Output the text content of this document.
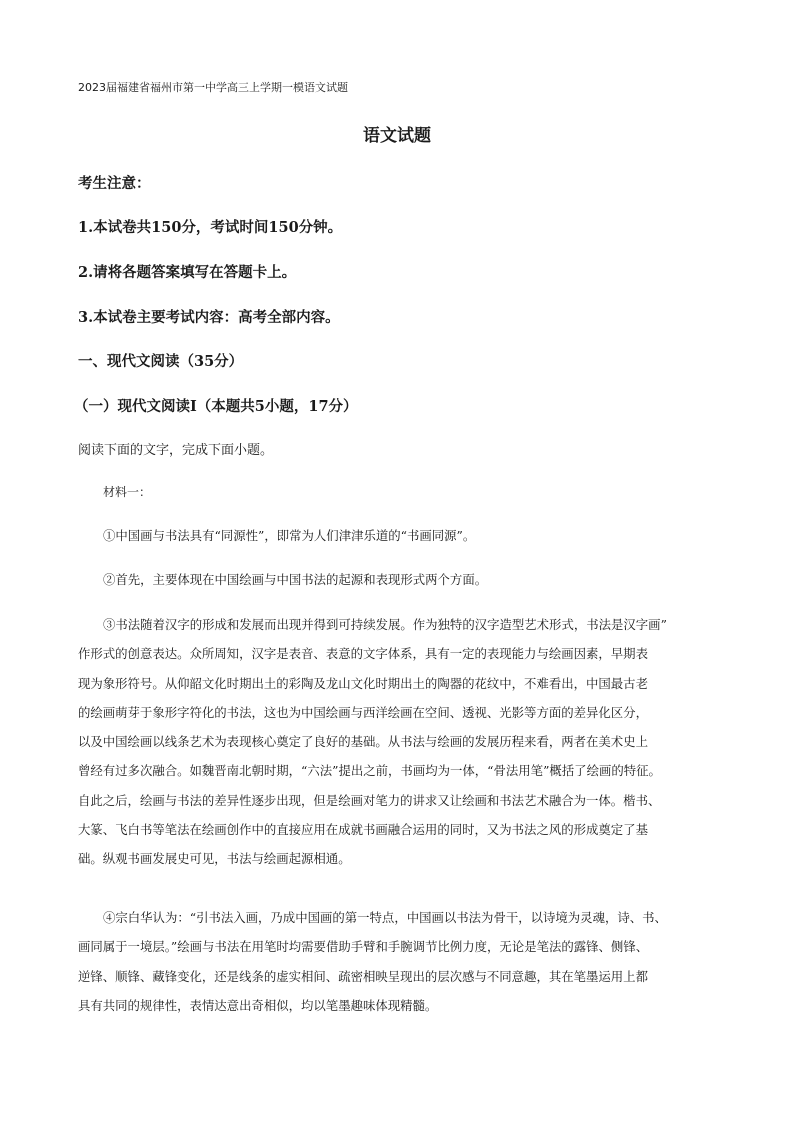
2023届福建省福州市第一中学高三上学期一模语文试题
语文试题
考生注意：
1.本试卷共150分，考试时间150分钟。
2.请将各题答案填写在答题卡上。
3.本试卷主要考试内容：高考全部内容。
一、现代文阅读（35分）
（一）现代文阅读Ⅰ（本题共5小题，17分）
阅读下面的文字，完成下面小题。
材料一：
①中国画与书法具有“同源性”，即常为人们津津乐道的“书画同源”。
②首先，主要体现在中国绘画与中国书法的起源和表现形式两个方面。
③书法随着汉字的形成和发展而出现并得到可持续发展。作为独特的汉字造型艺术形式，书法是汉字画”
作形式的创意表达。众所周知，汉字是表音、表意的文字体系，具有一定的表现能力与绘画因素，早期表
现为象形符号。从仰韶文化时期出土的彩陶及龙山文化时期出土的陶器的花纹中，不难看出，中国最古老
的绘画萌芽于象形字符化的书法，这也为中国绘画与西洋绘画在空间、透视、光影等方面的差异化区分，
以及中国绘画以线条艺术为表现核心奠定了良好的基础。从书法与绘画的发展历程来看，两者在美术史上
曾经有过多次融合。如魏晋南北朝时期，“六法”提出之前，书画均为一体，“骨法用笔”概括了绘画的特征。
自此之后，绘画与书法的差异性逐步出现，但是绘画对笔力的讲求又让绘画和书法艺术融合为一体。楷书、
大篆、飞白书等笔法在绘画创作中的直接应用在成就书画融合运用的同时，又为书法之风的形成奠定了基
础。纵观书画发展史可见，书法与绘画起源相通。
④宗白华认为：“引书法入画，乃成中国画的第一特点，中国画以书法为骨干，以诗境为灵魂，诗、书、
画同属于一境层。”绘画与书法在用笔时均需要借助手臂和手腕调节比例力度，无论是笔法的露锋、侧锋、
逆锋、顺锋、藏锋变化，还是线条的虚实相间、疏密相映呈现出的层次感与不同意趣，其在笔墨运用上都
具有共同的规律性，表情达意出奇相似，均以笔墨趣味体现精髓。
